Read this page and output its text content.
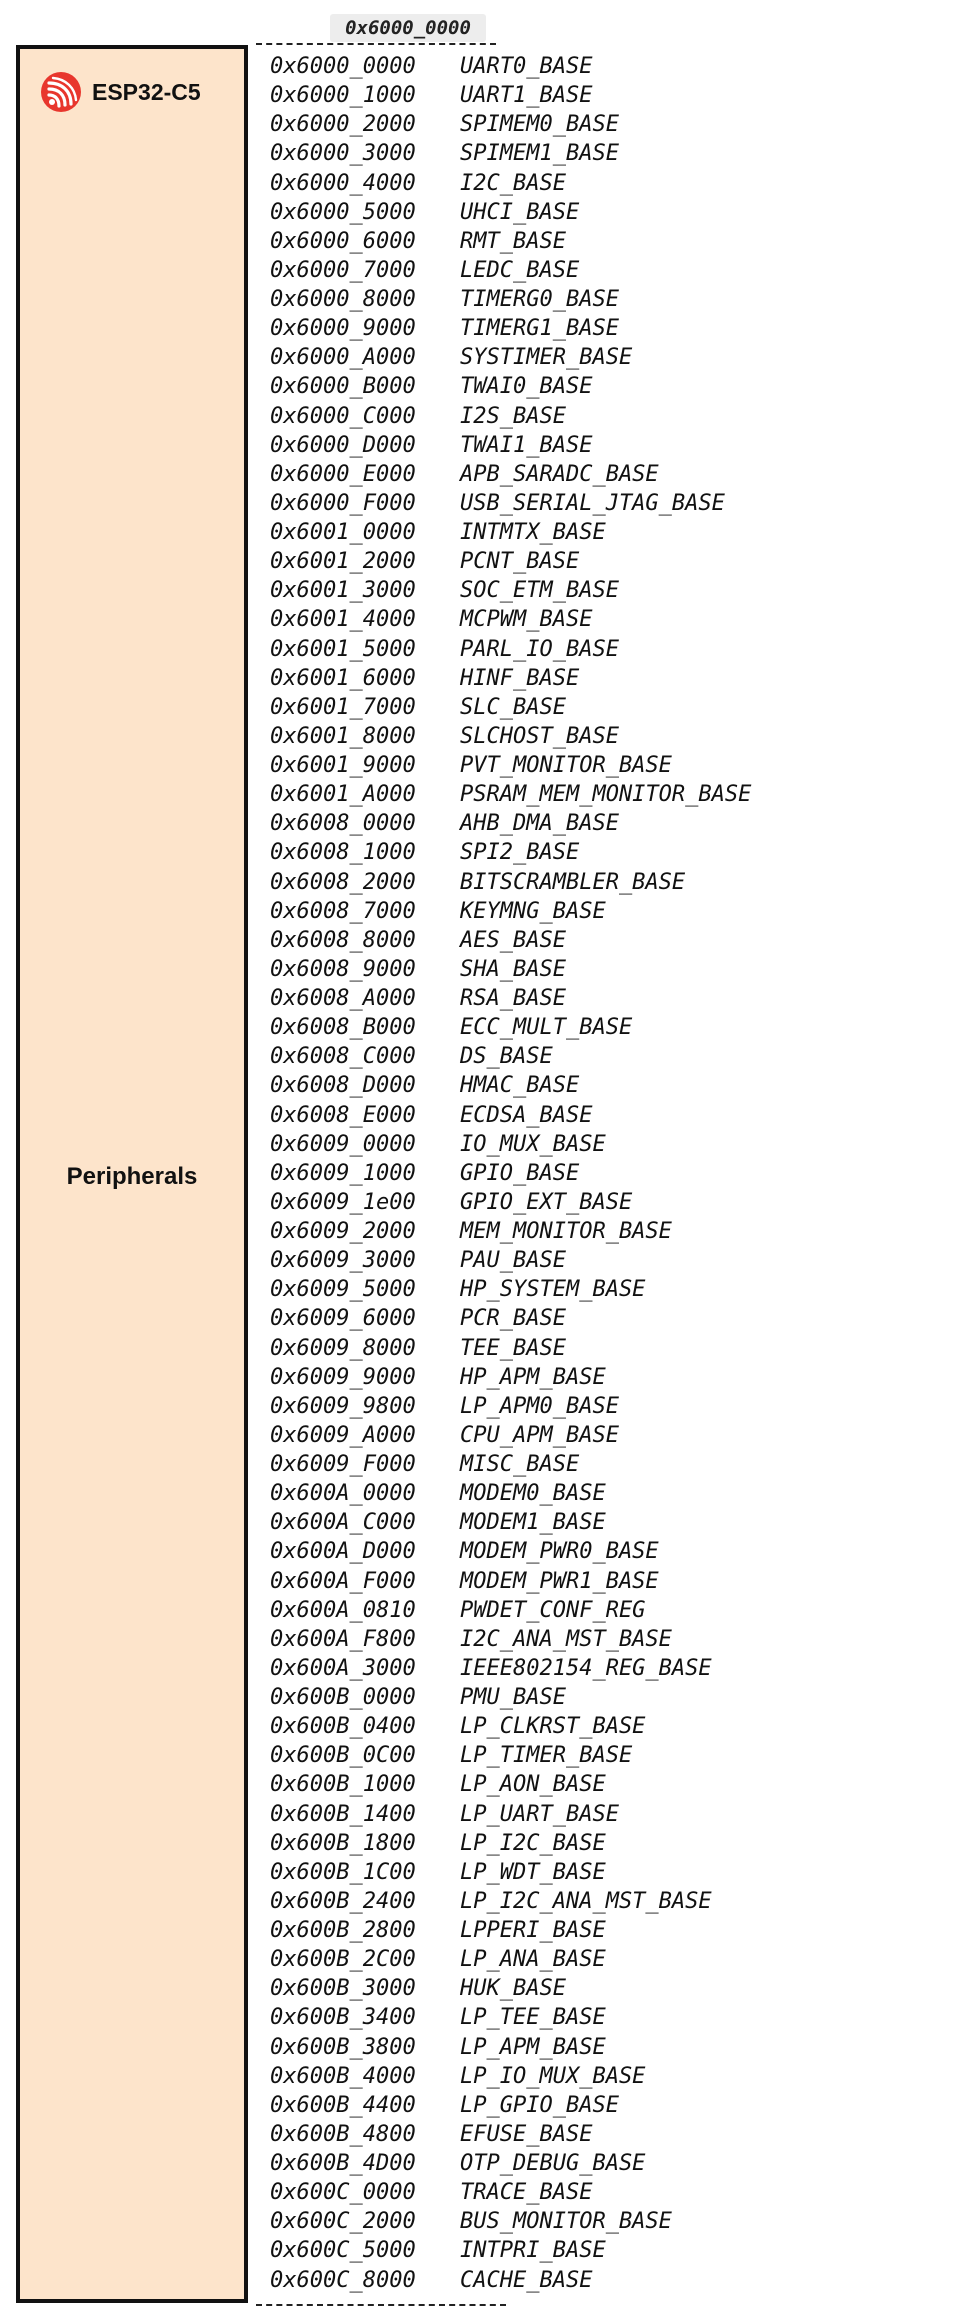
0x6000_0000
ESP32-C5
Peripherals
0x6000_0000	UART0_BASE
0x6000_1000	UART1_BASE
0x6000_2000	SPIMEM0_BASE
0x6000_3000	SPIMEM1_BASE
0x6000_4000	I2C_BASE
0x6000_5000	UHCI_BASE
0x6000_6000	RMT_BASE
0x6000_7000	LEDC_BASE
0x6000_8000	TIMERG0_BASE
0x6000_9000	TIMERG1_BASE
0x6000_A000	SYSTIMER_BASE
0x6000_B000	TWAI0_BASE
0x6000_C000	I2S_BASE
0x6000_D000	TWAI1_BASE
0x6000_E000	APB_SARADC_BASE
0x6000_F000	USB_SERIAL_JTAG_BASE
0x6001_0000	INTMTX_BASE
0x6001_2000	PCNT_BASE
0x6001_3000	SOC_ETM_BASE
0x6001_4000	MCPWM_BASE
0x6001_5000	PARL_IO_BASE
0x6001_6000	HINF_BASE
0x6001_7000	SLC_BASE
0x6001_8000	SLCHOST_BASE
0x6001_9000	PVT_MONITOR_BASE
0x6001_A000	PSRAM_MEM_MONITOR_BASE
0x6008_0000	AHB_DMA_BASE
0x6008_1000	SPI2_BASE
0x6008_2000	BITSCRAMBLER_BASE
0x6008_7000	KEYMNG_BASE
0x6008_8000	AES_BASE
0x6008_9000	SHA_BASE
0x6008_A000	RSA_BASE
0x6008_B000	ECC_MULT_BASE
0x6008_C000	DS_BASE
0x6008_D000	HMAC_BASE
0x6008_E000	ECDSA_BASE
0x6009_0000	IO_MUX_BASE
0x6009_1000	GPIO_BASE
0x6009_1e00	GPIO_EXT_BASE
0x6009_2000	MEM_MONITOR_BASE
0x6009_3000	PAU_BASE
0x6009_5000	HP_SYSTEM_BASE
0x6009_6000	PCR_BASE
0x6009_8000	TEE_BASE
0x6009_9000	HP_APM_BASE
0x6009_9800	LP_APM0_BASE
0x6009_A000	CPU_APM_BASE
0x6009_F000	MISC_BASE
0x600A_0000	MODEM0_BASE
0x600A_C000	MODEM1_BASE
0x600A_D000	MODEM_PWR0_BASE
0x600A_F000	MODEM_PWR1_BASE
0x600A_0810	PWDET_CONF_REG
0x600A_F800	I2C_ANA_MST_BASE
0x600A_3000	IEEE802154_REG_BASE
0x600B_0000	PMU_BASE
0x600B_0400	LP_CLKRST_BASE
0x600B_0C00	LP_TIMER_BASE
0x600B_1000	LP_AON_BASE
0x600B_1400	LP_UART_BASE
0x600B_1800	LP_I2C_BASE
0x600B_1C00	LP_WDT_BASE
0x600B_2400	LP_I2C_ANA_MST_BASE
0x600B_2800	LPPERI_BASE
0x600B_2C00	LP_ANA_BASE
0x600B_3000	HUK_BASE
0x600B_3400	LP_TEE_BASE
0x600B_3800	LP_APM_BASE
0x600B_4000	LP_IO_MUX_BASE
0x600B_4400	LP_GPIO_BASE
0x600B_4800	EFUSE_BASE
0x600B_4D00	OTP_DEBUG_BASE
0x600C_0000	TRACE_BASE
0x600C_2000	BUS_MONITOR_BASE
0x600C_5000	INTPRI_BASE
0x600C_8000	CACHE_BASE
